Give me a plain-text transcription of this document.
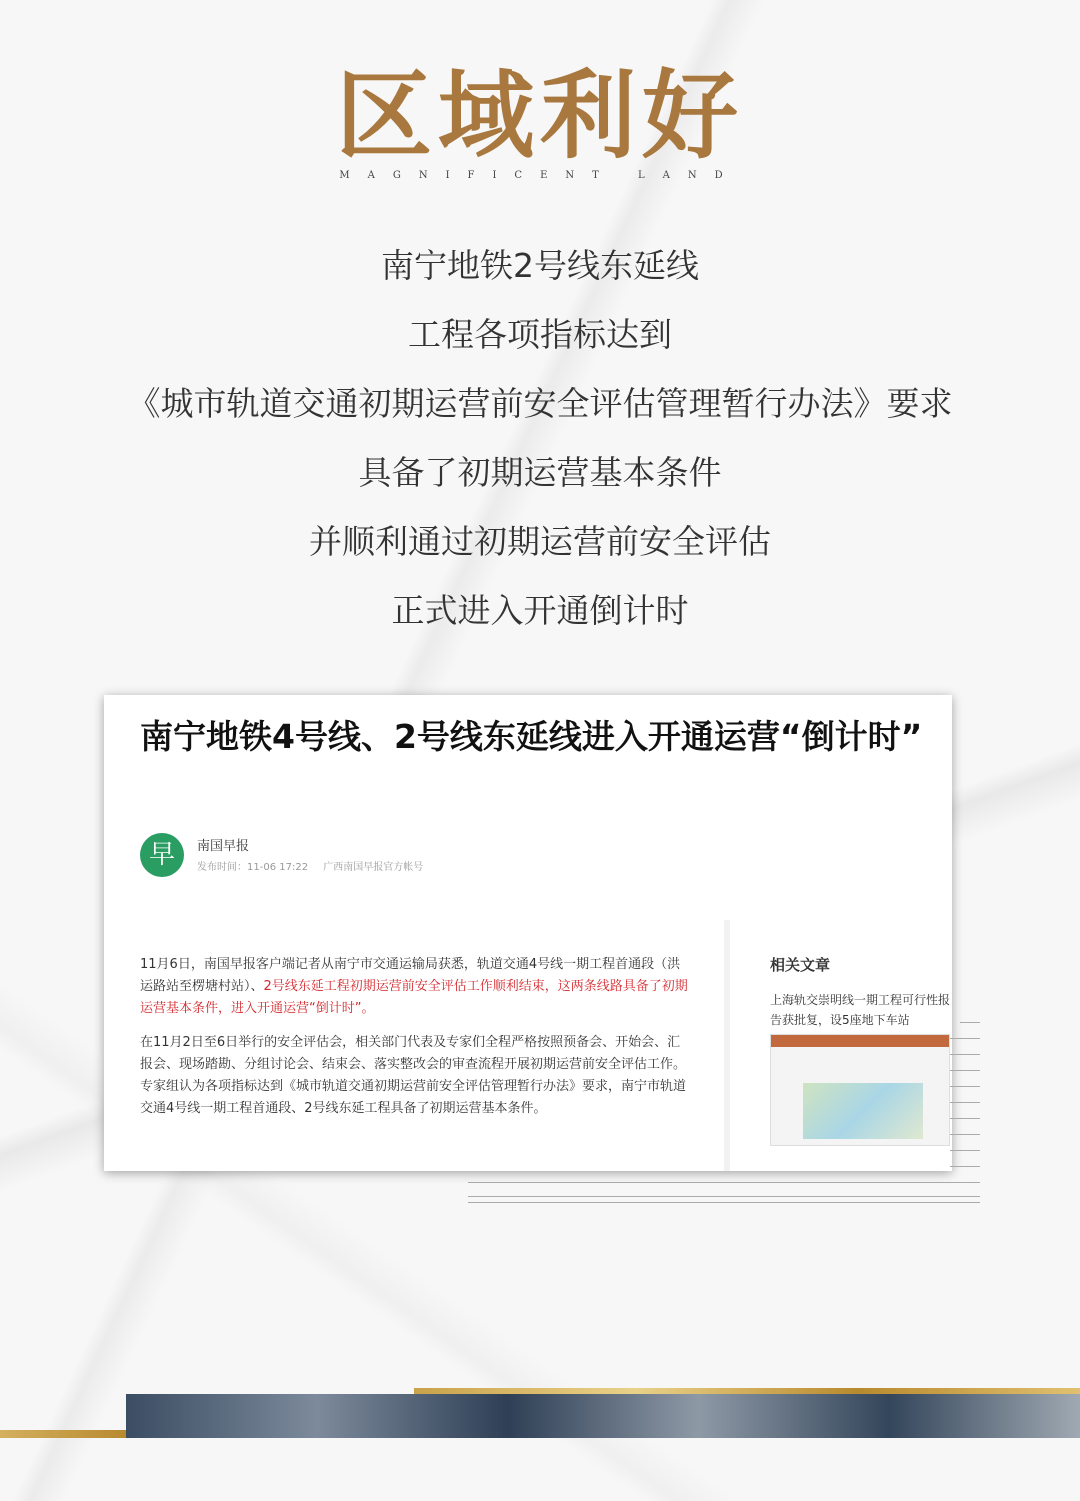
区域利好
MAGNIFICENT LAND
南宁地铁2号线东延线
工程各项指标达到
《城市轨道交通初期运营前安全评估管理暂行办法》要求
具备了初期运营基本条件
并顺利通过初期运营前安全评估
正式进入开通倒计时
南宁地铁4号线、2号线东延线进入开通运营“倒计时”
早	南国早报
发布时间：11-06 17:22 广西南国早报官方帐号

11月6日，南国早报客户端记者从南宁市交通运输局获悉，轨道交通4号线一期工程首通段（洪运路站至楞塘村站）、2号线东延工程初期运营前安全评估工作顺利结束，这两条线路具备了初期运营基本条件，进入开通运营“倒计时”。

在11月2日至6日举行的安全评估会，相关部门代表及专家们全程严格按照预备会、开始会、汇报会、现场踏勘、分组讨论会、结束会、落实整改会的审查流程开展初期运营前安全评估工作。专家组认为各项指标达到《城市轨道交通初期运营前安全评估管理暂行办法》要求，南宁市轨道交通4号线一期工程首通段、2号线东延工程具备了初期运营基本条件。

相关文章
上海轨交崇明线一期工程可行性报告获批复，设5座地下车站
